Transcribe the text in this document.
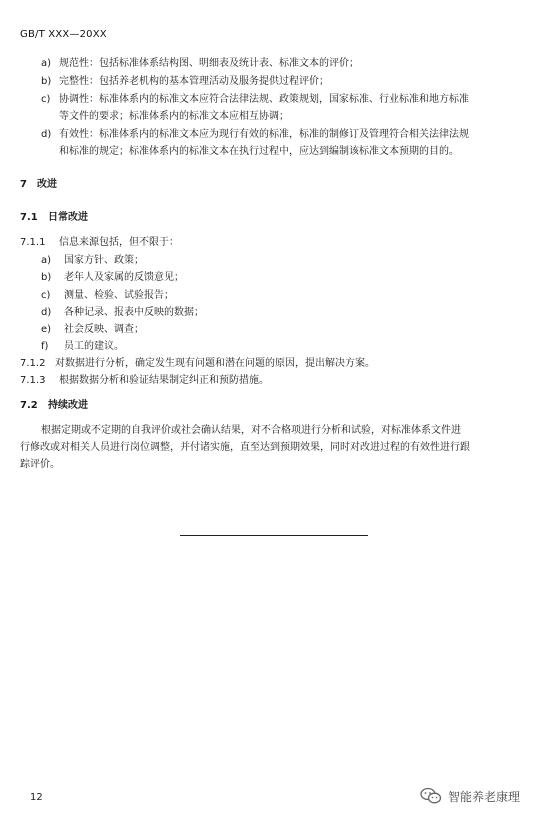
GB/T XXX—20XX
a) 规范性：包括标准体系结构图、明细表及统计表、标准文本的评价；
b) 完整性：包括养老机构的基本管理活动及服务提供过程评价；
c) 协调性：标准体系内的标准文本应符合法律法规、政策规划，国家标准、行业标准和地方标准
等文件的要求；标准体系内的标准文本应相互协调；
d) 有效性：标准体系内的标准文本应为现行有效的标准，标准的制修订及管理符合相关法律法规
和标准的规定；标准体系内的标准文本在执行过程中，应达到编制该标准文本预期的目的。
7 改进
7.1 日常改进
7.1.1 信息来源包括，但不限于：
a) 国家方针、政策；
b) 老年人及家属的反馈意见；
c) 测量、检验、试验报告；
d) 各种记录、报表中反映的数据；
e) 社会反映、调查；
f) 员工的建议。
7.1.2 对数据进行分析，确定发生现有问题和潜在问题的原因，提出解决方案。
7.1.3 根据数据分析和验证结果制定纠正和预防措施。
7.2 持续改进
根据定期或不定期的自我评价或社会确认结果，对不合格项进行分析和试验，对标准体系文件进
行修改或对相关人员进行岗位调整，并付诸实施，直至达到预期效果，同时对改进过程的有效性进行跟
踪评价。
12	智能养老康理
